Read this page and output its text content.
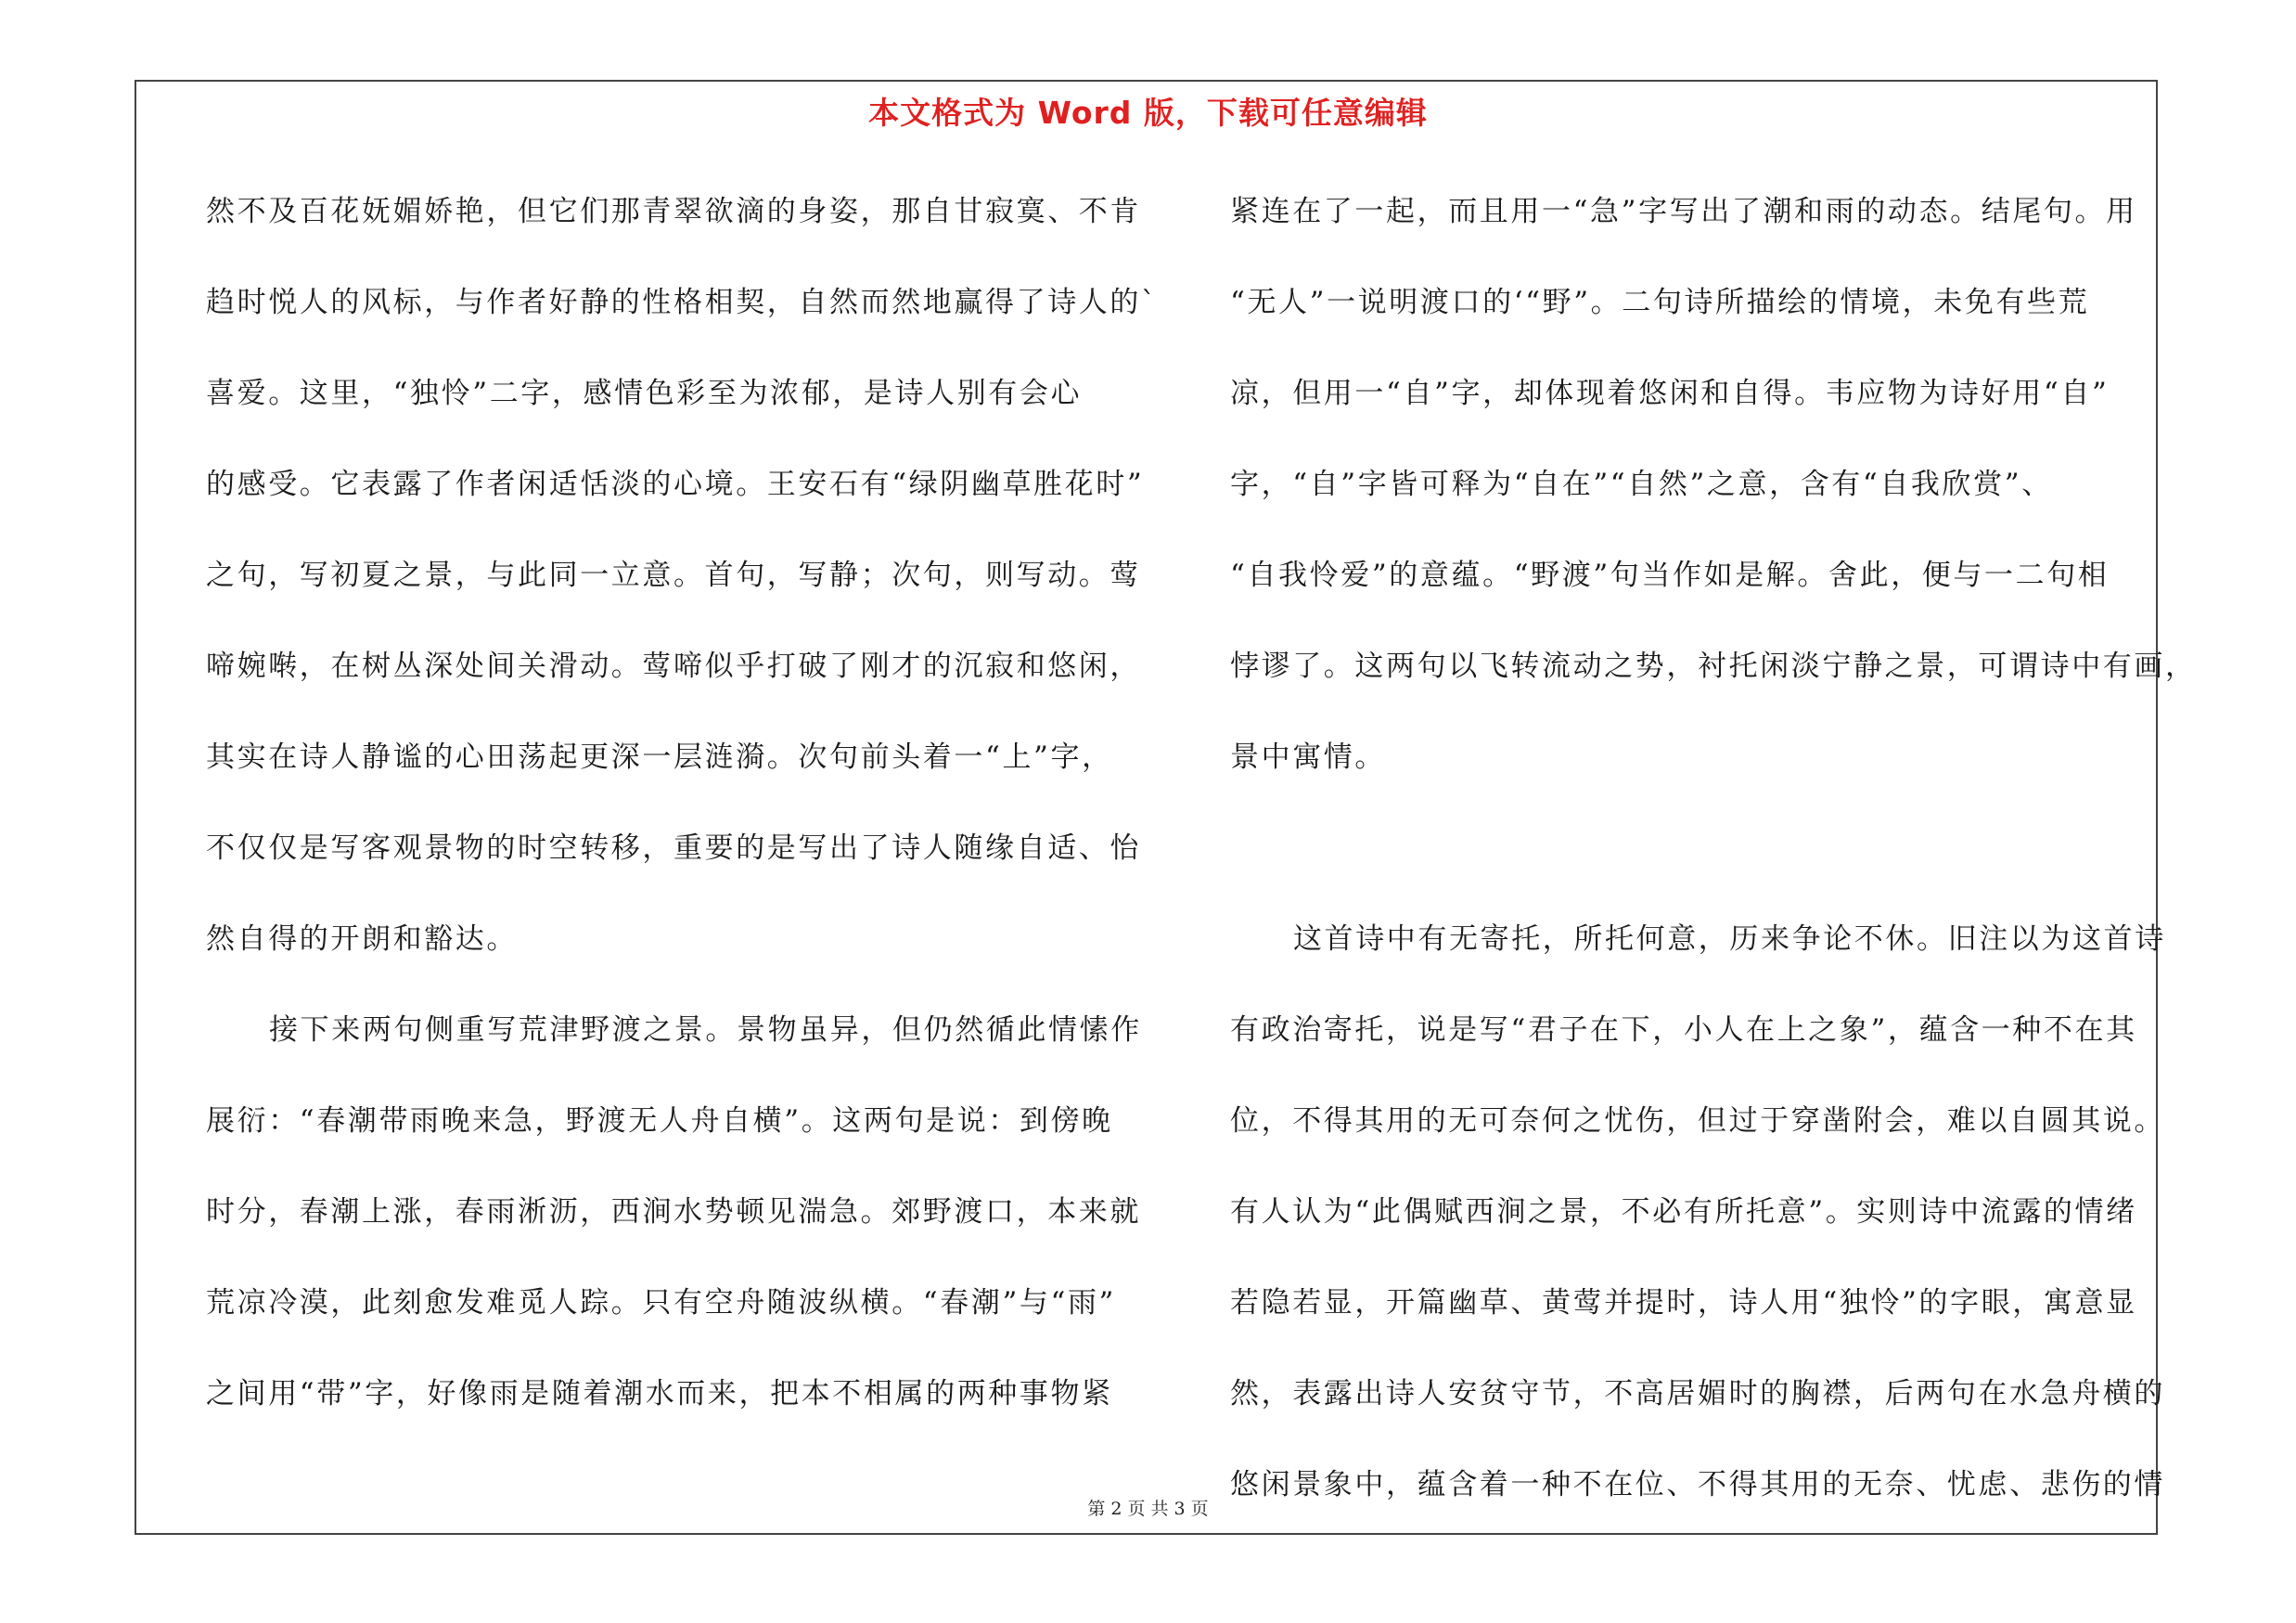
本文格式为 Word 版，下载可任意编辑
然不及百花妩媚娇艳，但它们那青翠欲滴的身姿，那自甘寂寞、不肯
趋时悦人的风标，与作者好静的性格相契，自然而然地赢得了诗人的`
喜爱。这里，“独怜”二字，感情色彩至为浓郁，是诗人别有会心
的感受。它表露了作者闲适恬淡的心境。王安石有“绿阴幽草胜花时”
之句，写初夏之景，与此同一立意。首句，写静；次句，则写动。莺
啼婉啭，在树丛深处间关滑动。莺啼似乎打破了刚才的沉寂和悠闲，
其实在诗人静谧的心田荡起更深一层涟漪。次句前头着一“上”字，
不仅仅是写客观景物的时空转移，重要的是写出了诗人随缘自适、怡
然自得的开朗和豁达。
接下来两句侧重写荒津野渡之景。景物虽异，但仍然循此情愫作
展衍：“春潮带雨晚来急，野渡无人舟自横”。这两句是说：到傍晚
时分，春潮上涨，春雨淅沥，西涧水势顿见湍急。郊野渡口，本来就
荒凉冷漠，此刻愈发难觅人踪。只有空舟随波纵横。“春潮”与“雨”
之间用“带”字，好像雨是随着潮水而来，把本不相属的两种事物紧
紧连在了一起，而且用一“急”字写出了潮和雨的动态。结尾句。用
“无人”一说明渡口的‘“野”。二句诗所描绘的情境，未免有些荒
凉，但用一“自”字，却体现着悠闲和自得。韦应物为诗好用“自”
字，“自”字皆可释为“自在”“自然”之意，含有“自我欣赏”、
“自我怜爱”的意蕴。“野渡”句当作如是解。舍此，便与一二句相
悖谬了。这两句以飞转流动之势，衬托闲淡宁静之景，可谓诗中有画，
景中寓情。
这首诗中有无寄托，所托何意，历来争论不休。旧注以为这首诗
有政治寄托，说是写“君子在下，小人在上之象”，蕴含一种不在其
位，不得其用的无可奈何之忧伤，但过于穿凿附会，难以自圆其说。
有人认为“此偶赋西涧之景，不必有所托意”。实则诗中流露的情绪
若隐若显，开篇幽草、黄莺并提时，诗人用“独怜”的字眼，寓意显
然，表露出诗人安贫守节，不高居媚时的胸襟，后两句在水急舟横的
悠闲景象中，蕴含着一种不在位、不得其用的无奈、忧虑、悲伤的情
第 2 页 共 3 页
